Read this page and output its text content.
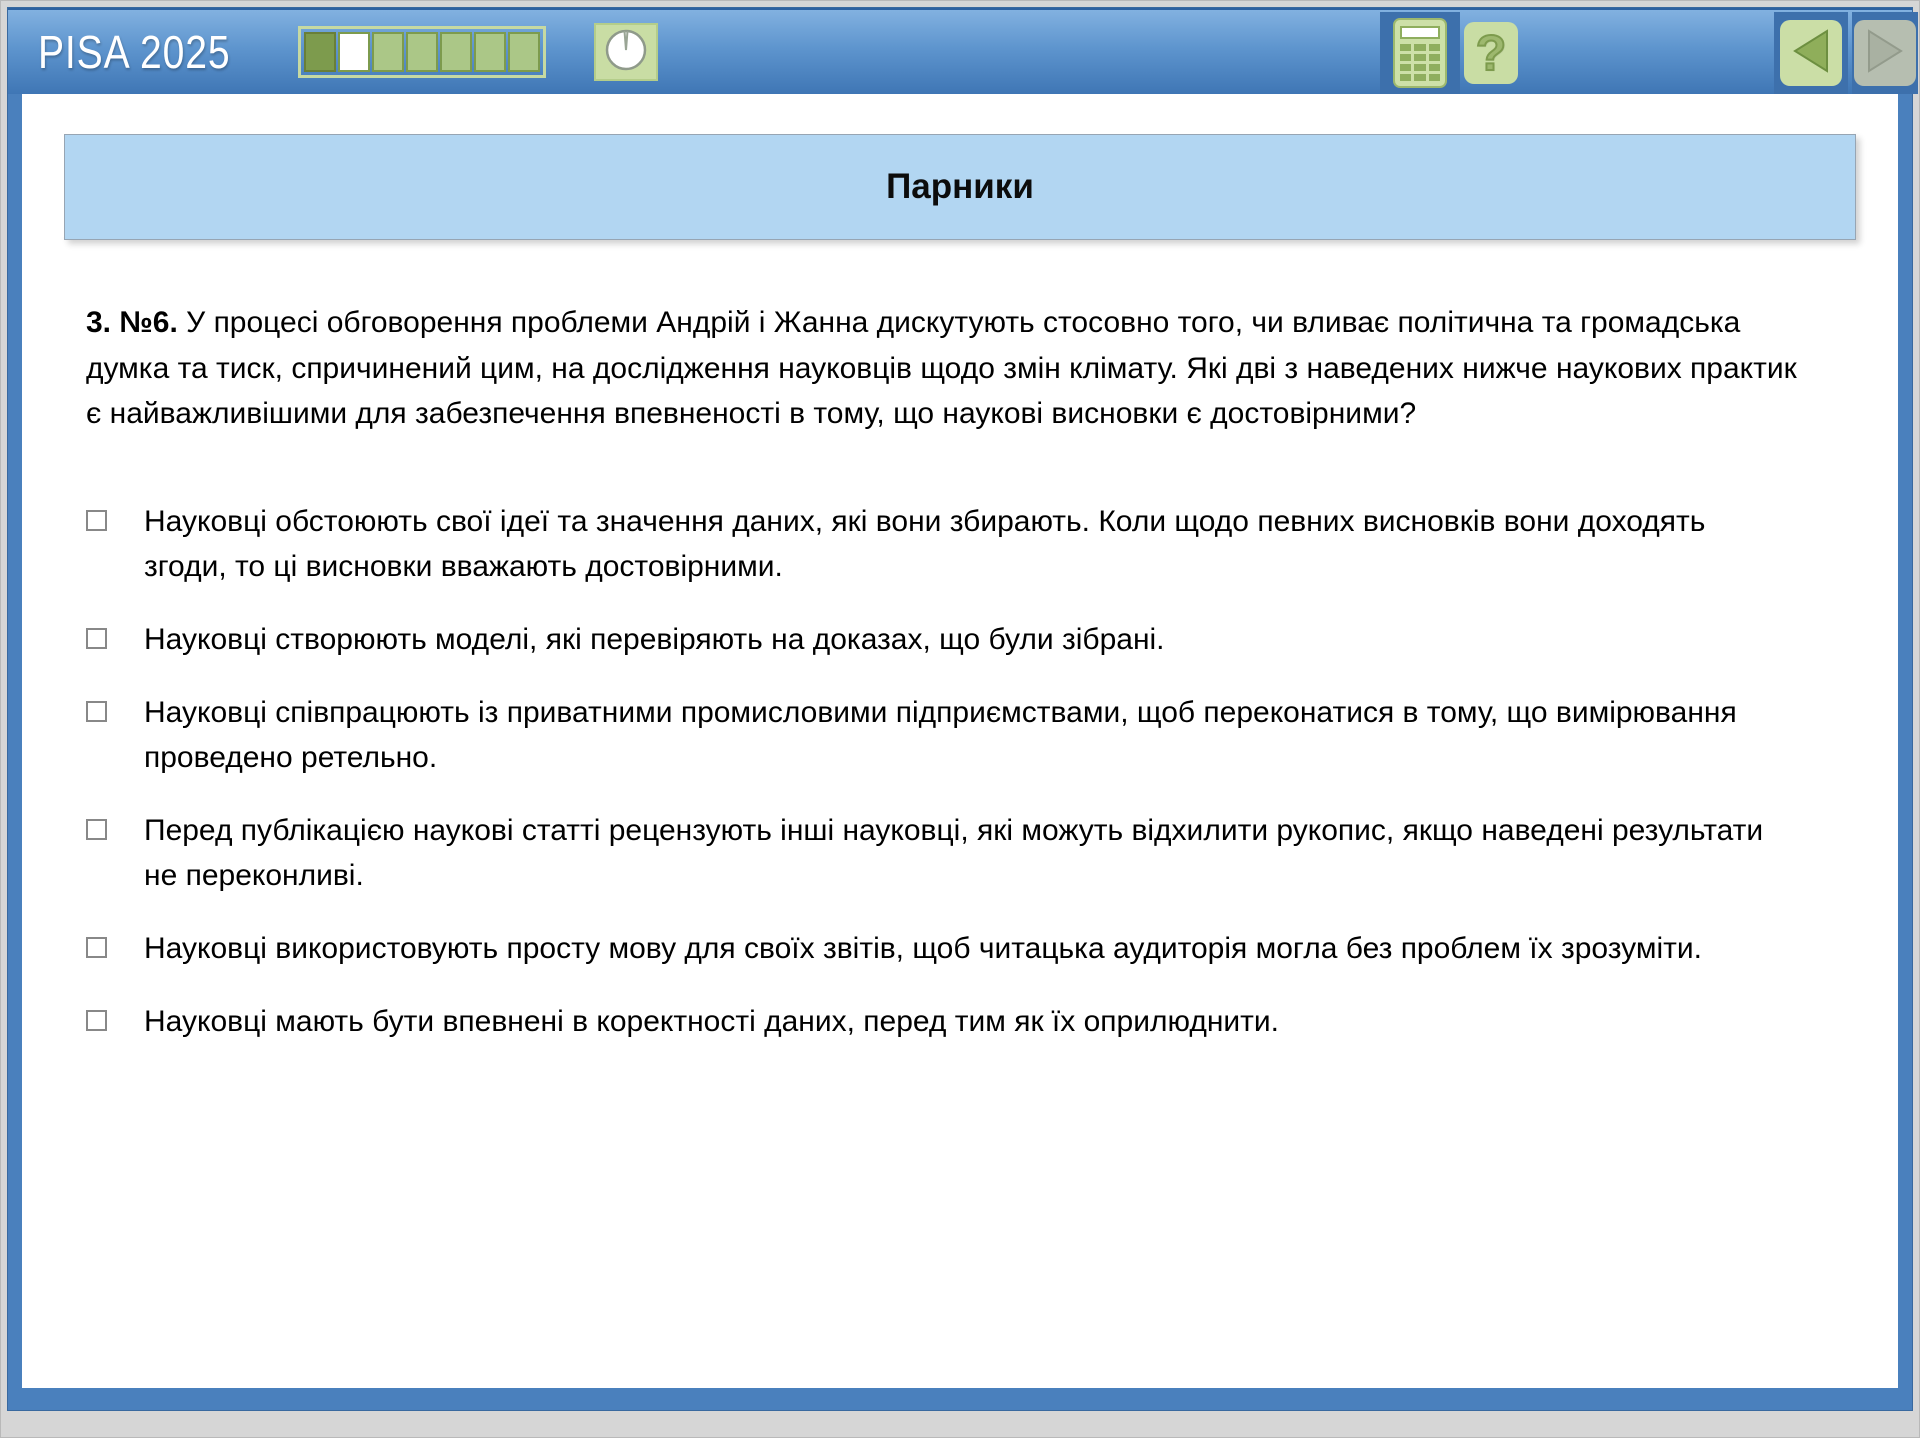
PISA 2025	?
Парники
3. №6. У процесі обговорення проблеми Андрій і Жанна дискутують стосовно того, чи вливає політична та громадська думка та тиск, спричинений цим, на дослідження науковців щодо змін клімату. Які дві з наведених нижче наукових практик є найважливішими для забезпечення впевненості в тому, що наукові висновки є достовірними?
Науковці обстоюють свої ідеї та значення даних, які вони збирають. Коли щодо певних висновків вони доходять згоди, то ці висновки вважають достовірними.
Науковці створюють моделі, які перевіряють на доказах, що були зібрані.
Науковці співпрацюють із приватними промисловими підприємствами, щоб переконатися в тому, що вимірювання проведено ретельно.
Перед публікацією наукові статті рецензують інші науковці, які можуть відхилити рукопис, якщо наведені результати не переконливі.
Науковці використовують просту мову для своїх звітів, щоб читацька аудиторія могла без проблем їх зрозуміти.
Науковці мають бути впевнені в коректності даних, перед тим як їх оприлюднити.
